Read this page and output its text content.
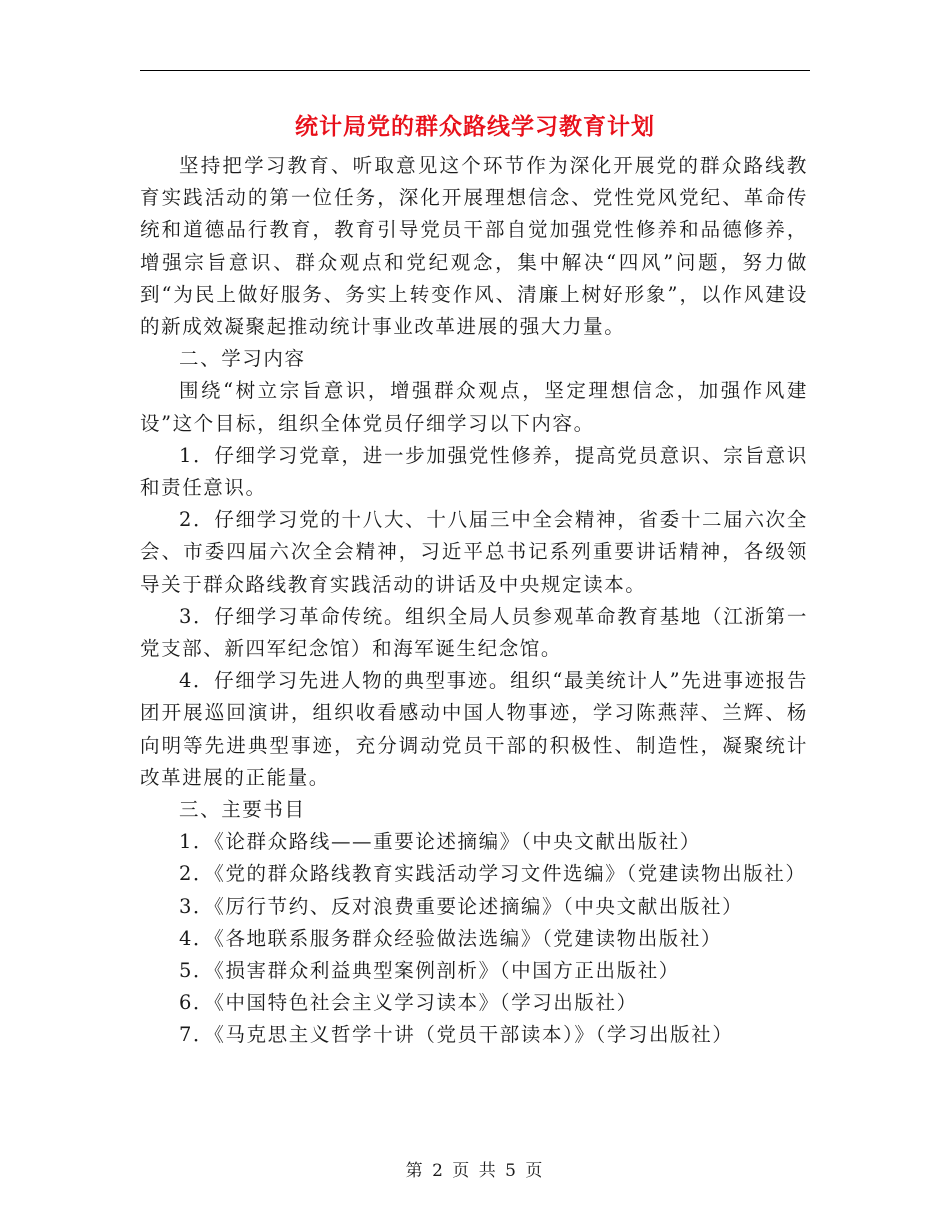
统计局党的群众路线学习教育计划

坚持把学习教育、听取意见这个环节作为深化开展党的群众路线教育实践活动的第一位任务，深化开展理想信念、党性党风党纪、革命传统和道德品行教育，教育引导党员干部自觉加强党性修养和品德修养，增强宗旨意识、群众观点和党纪观念，集中解决“四风”问题，努力做到“为民上做好服务、务实上转变作风、清廉上树好形象”，以作风建设的新成效凝聚起推动统计事业改革进展的强大力量。

二、学习内容

围绕“树立宗旨意识，增强群众观点，坚定理想信念，加强作风建设”这个目标，组织全体党员仔细学习以下内容。

1．仔细学习党章，进一步加强党性修养，提高党员意识、宗旨意识和责任意识。

2．仔细学习党的十八大、十八届三中全会精神，省委十二届六次全会、市委四届六次全会精神，习近平总书记系列重要讲话精神，各级领导关于群众路线教育实践活动的讲话及中央规定读本。

3．仔细学习革命传统。组织全局人员参观革命教育基地（江浙第一党支部、新四军纪念馆）和海军诞生纪念馆。

4．仔细学习先进人物的典型事迹。组织“最美统计人”先进事迹报告团开展巡回演讲，组织收看感动中国人物事迹，学习陈燕萍、兰辉、杨向明等先进典型事迹，充分调动党员干部的积极性、制造性，凝聚统计改革进展的正能量。

三、主要书目

1．《论群众路线——重要论述摘编》（中央文献出版社）

2．《党的群众路线教育实践活动学习文件选编》（党建读物出版社）

3．《厉行节约、反对浪费重要论述摘编》（中央文献出版社）

4．《各地联系服务群众经验做法选编》（党建读物出版社）

5．《损害群众利益典型案例剖析》（中国方正出版社）

6．《中国特色社会主义学习读本》（学习出版社）

7．《马克思主义哲学十讲（党员干部读本）》（学习出版社）

第 2 页 共 5 页
